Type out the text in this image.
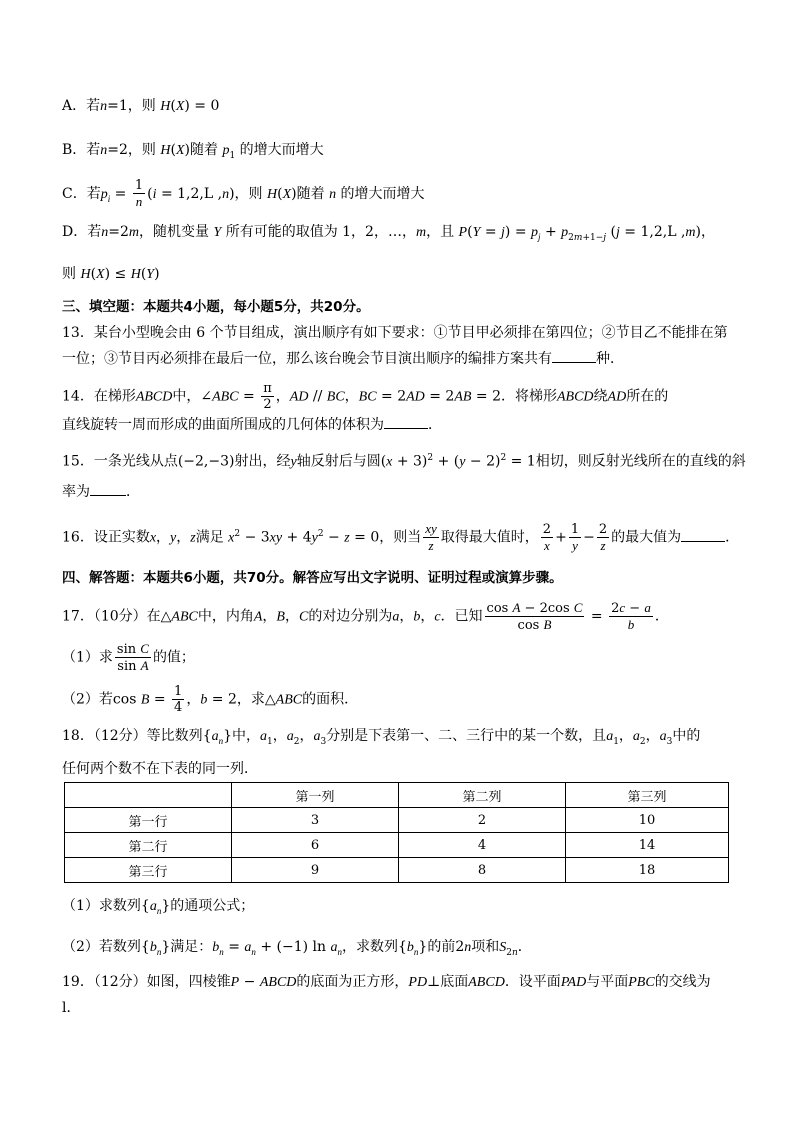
A．若n=1，则 H(X) = 0
B．若n=2，则 H(X)随着 $p_1$ 的增大而增大
C．若$p_i = \frac{1}{n} (i = 1,2,L$ ,n)，则 H(X)随着 n 的增大而增大
D．若n=2m，随机变量 Y 所有可能的取值为 1，2，…，m，且 $P(Y = j) = p_j + p_{2m+1-j}$ (j = 1,2,L ,m)，
则 H(X) ≤ H(Y)
三、填空题：本题共4小题，每小题5分，共20分。
13．某台小型晚会由 6 个节目组成，演出顺序有如下要求：①节目甲必须排在第四位；②节目乙不能排在第
一位；③节目丙必须排在最后一位，那么该台晚会节目演出顺序的编排方案共有	种．
14．在梯形ABCD中，∠ABC = $\frac{\pi}{2}$ ，AD // BC，BC = 2AD = 2AB = 2．将梯形ABCD绕AD所在的
直线旋转一周而形成的曲面所围成的几何体的体积为	．
15．一条光线从点(−2,−3)射出，经y轴反射后与圆$(x + 3)^2 + (y - 2)^2 = 1$相切，则反射光线所在的直线的斜
率为	．
16．设正实数x，y，z满足 $x^2 - 3xy + 4y^2 - z = 0$，则当 $\frac{xy}{z}$ 取得最大值时， $\frac{2}{x} + \frac{1}{y} - \frac{2}{z}$ 的最大值为	．
四、解答题：本题共6小题，共70分。解答应写出文字说明、证明过程或演算步骤。
17．（10分）在△ABC中，内角A，B，C的对边分别为a，b，c．已知 $\frac{\text{cos A − 2cos C}}{\text{cos B}} = \frac{2c - a}{b}$ ．
（1）求 $\frac{\text{sin C}}{\text{sin A}}$ 的值；
（2）若$\cos B = \frac{1}{4}$ ，b = 2，求△ABC的面积．
18．（12分）等比数列$\{a_n\}$中，$a_1$，$a_2$，$a_3$分别是下表第一、二、三行中的某一个数，且$a_1$，$a_2$，$a_3$中的
任何两个数不在下表的同一列．
	第一列	第二列	第三列
第一行	3	2	10
第二行	6	4	14
第三行	9	8	18
（1）求数列$\{a_n\}$的通项公式；
（2）若数列$\{b_n\}$满足：$b_n = a_n + (-1)$ $\ln a_n$，求数列$\{b_n\}$的前2n项和$S_{2n}$．
19．（12分）如图，四棱锥P − ABCD的底面为正方形，PD⊥底面ABCD．设平面PAD与平面PBC的交线为
l．
